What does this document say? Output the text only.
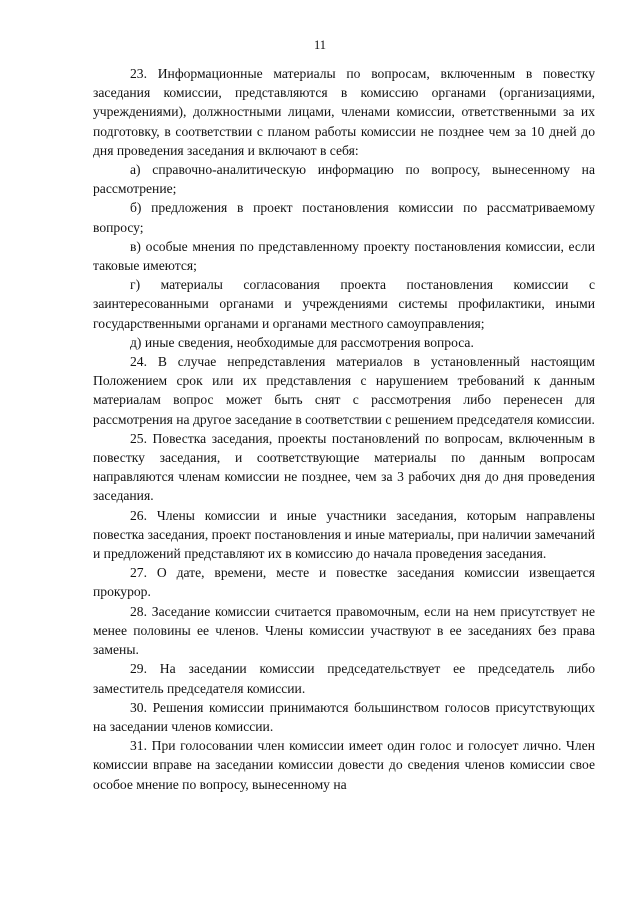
11

23. Информационные материалы по вопросам, включенным в повестку заседания комиссии, представляются в комиссию органами (организациями, учреждениями), должностными лицами, членами комиссии, ответственными за их подготовку, в соответствии с планом работы комиссии не позднее чем за 10 дней до дня проведения заседания и включают в себя:

а) справочно-аналитическую информацию по вопросу, вынесенному на рассмотрение;

б) предложения в проект постановления комиссии по рассматриваемому вопросу;

в) особые мнения по представленному проекту постановления комиссии, если таковые имеются;

г) материалы согласования проекта постановления комиссии с заинтересованными органами и учреждениями системы профилактики, иными государственными органами и органами местного самоуправления;

д) иные сведения, необходимые для рассмотрения вопроса.

24. В случае непредставления материалов в установленный настоящим Положением срок или их представления с нарушением требований к данным материалам вопрос может быть снят с рассмотрения либо перенесен для рассмотрения на другое заседание в соответствии с решением председателя комиссии.

25. Повестка заседания, проекты постановлений по вопросам, включенным в повестку заседания, и соответствующие материалы по данным вопросам направляются членам комиссии не позднее, чем за 3 рабочих дня до дня проведения заседания.

26. Члены комиссии и иные участники заседания, которым направлены повестка заседания, проект постановления и иные материалы, при наличии замечаний и предложений представляют их в комиссию до начала проведения заседания.

27. О дате, времени, месте и повестке заседания комиссии извещается прокурор.

28. Заседание комиссии считается правомочным, если на нем присутствует не менее половины ее членов. Члены комиссии участвуют в ее заседаниях без права замены.

29. На заседании комиссии председательствует ее председатель либо заместитель председателя комиссии.

30. Решения комиссии принимаются большинством голосов присутствующих на заседании членов комиссии.

31. При голосовании член комиссии имеет один голос и голосует лично. Член комиссии вправе на заседании комиссии довести до сведения членов комиссии свое особое мнение по вопросу, вынесенному на
